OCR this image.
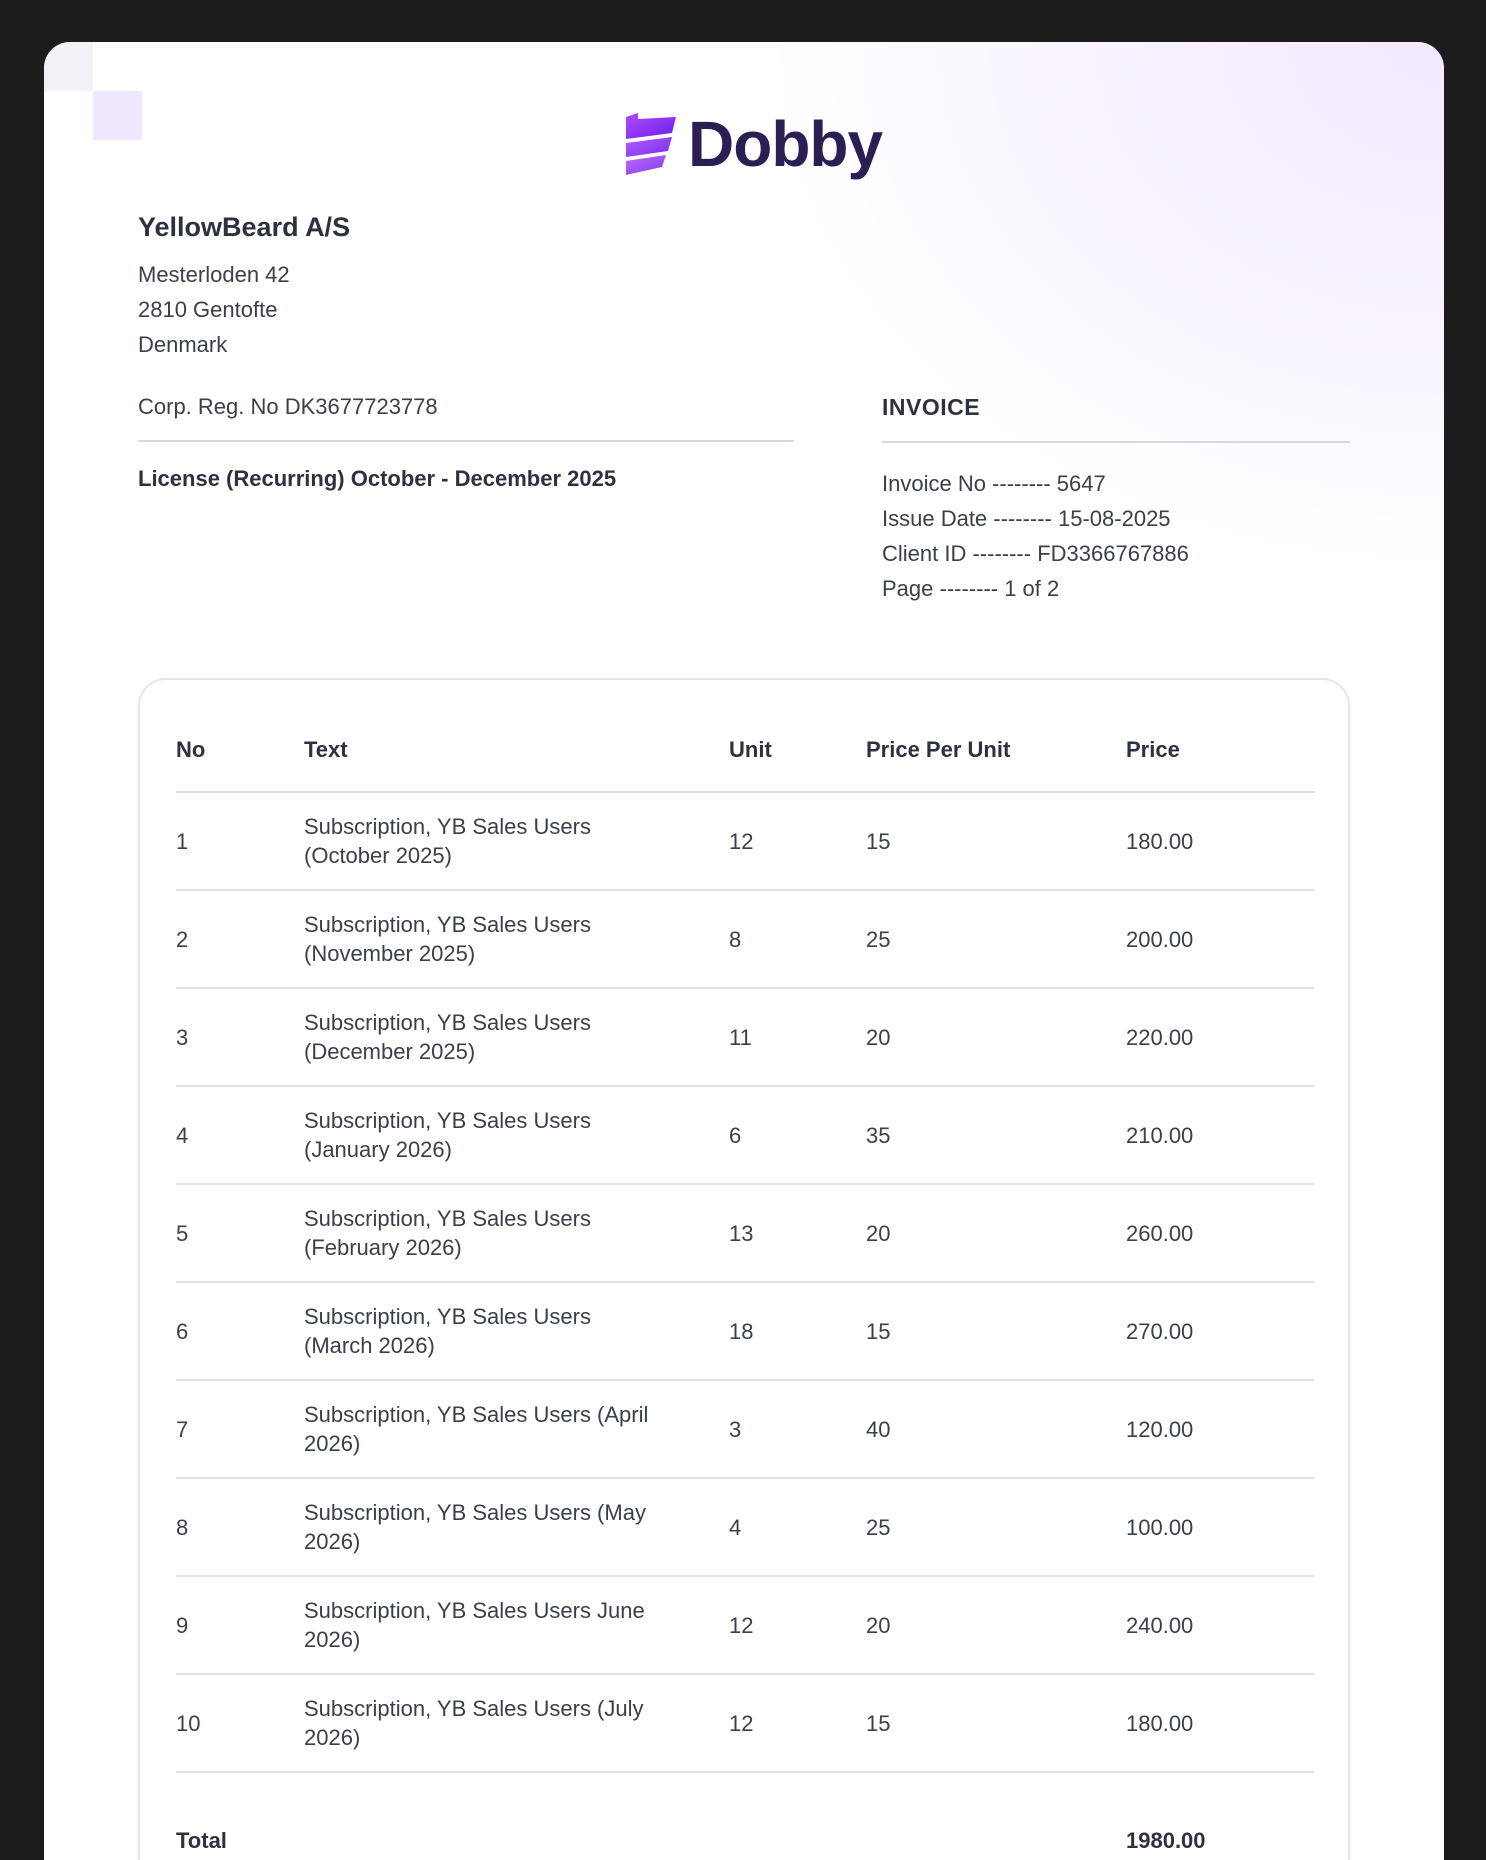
Dobby
YellowBeard A/S
Mesterloden 42
2810 Gentofte
Denmark
Corp. Reg. No DK3677723778
License (Recurring) October - December 2025
INVOICE
Invoice No -------- 5647
Issue Date -------- 15-08-2025
Client ID -------- FD3366767886
Page -------- 1 of 2
No	Text	Unit	Price Per Unit	Price
1	Subscription, YB Sales Users (October 2025)	12	15	180.00
2	Subscription, YB Sales Users (November 2025)	8	25	200.00
3	Subscription, YB Sales Users (December 2025)	11	20	220.00
4	Subscription, YB Sales Users (January 2026)	6	35	210.00
5	Subscription, YB Sales Users (February 2026)	13	20	260.00
6	Subscription, YB Sales Users (March 2026)	18	15	270.00
7	Subscription, YB Sales Users (April 2026)	3	40	120.00
8	Subscription, YB Sales Users (May 2026)	4	25	100.00
9	Subscription, YB Sales Users June 2026)	12	20	240.00
10	Subscription, YB Sales Users (July 2026)	12	15	180.00
Total				1980.00
